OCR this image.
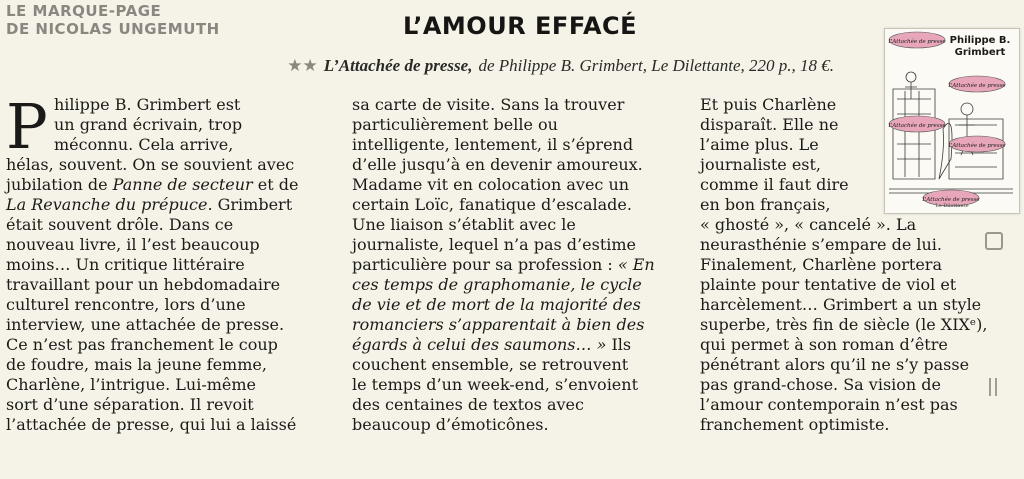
LE MARQUE-PAGE
DE NICOLAS UNGEMUTH	L’AMOUR EFFACÉ
★★ L’Attachée de presse, de Philippe B. Grimbert, Le Dilettante, 220 p., 18 €.
P hilippe B. Grimbert est
un grand écrivain, trop
méconnu. Cela arrive,
hélas, souvent. On se souvient avec
jubilation de Panne de secteur et de
La Revanche du prépuce. Grimbert
était souvent drôle. Dans ce
nouveau livre, il l’est beaucoup
moins… Un critique littéraire
travaillant pour un hebdomadaire
culturel rencontre, lors d’une
interview, une attachée de presse.
Ce n’est pas franchement le coup
de foudre, mais la jeune femme,
Charlène, l’intrigue. Lui-même
sort d’une séparation. Il revoit
l’attachée de presse, qui lui a laissé
sa carte de visite. Sans la trouver
particulièrement belle ou
intelligente, lentement, il s’éprend
d’elle jusqu’à en devenir amoureux.
Madame vit en colocation avec un
certain Loïc, fanatique d’escalade.
Une liaison s’établit avec le
journaliste, lequel n’a pas d’estime
particulière pour sa profession : « En
ces temps de graphomanie, le cycle
de vie et de mort de la majorité des
romanciers s’apparentait à bien des
égards à celui des saumons… » Ils
couchent ensemble, se retrouvent
le temps d’un week-end, s’envoient
des centaines de textos avec
beaucoup d’émoticônes.
Et puis Charlène
disparaît. Elle ne
l’aime plus. Le
journaliste est,
comme il faut dire
en bon français,
« ghosté », « cancelé ». La
neurasthénie s’empare de lui.
Finalement, Charlène portera
plainte pour tentative de viol et
harcèlement… Grimbert a un style
superbe, très fin de siècle (le XIXᵉ),
qui permet à son roman d’être
pénétrant alors qu’il ne s’y passe
pas grand-chose. Sa vision de
l’amour contemporain n’est pas
franchement optimiste.
L’Attachée de presse
L’Attachée de presse
L’Attachée de presse
L’Attachée de presse
L’Attachée de presse
Philippe B.
Grimbert
Le Dilettante
